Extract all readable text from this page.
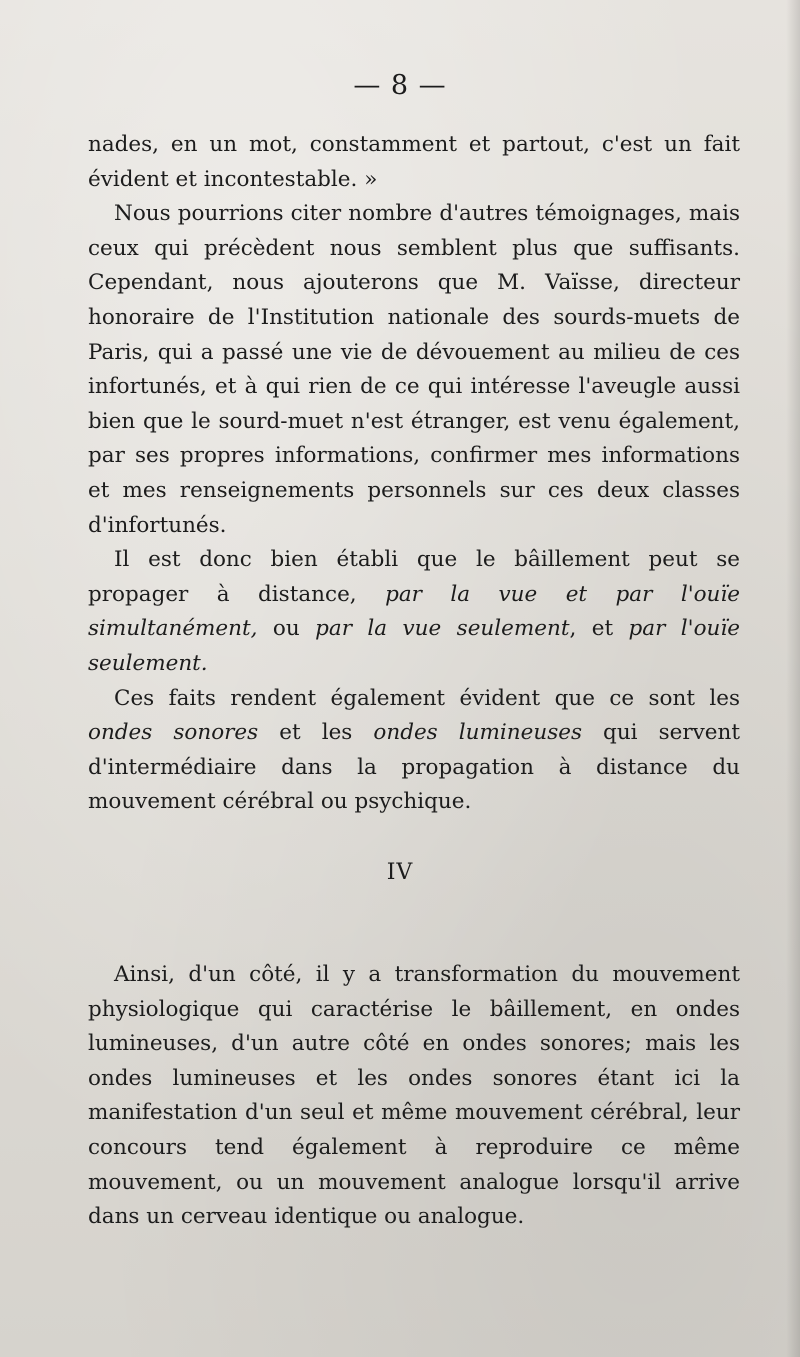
— 8 —

nades, en un mot, constamment et partout, c'est un fait évident et incontestable. »

Nous pourrions citer nombre d'autres témoignages, mais ceux qui précèdent nous semblent plus que suffisants. Cependant, nous ajouterons que M. Vaïsse, directeur honoraire de l'Institution nationale des sourds-muets de Paris, qui a passé une vie de dévouement au milieu de ces infortunés, et à qui rien de ce qui intéresse l'aveugle aussi bien que le sourd-muet n'est étranger, est venu également, par ses propres informations, confirmer mes informations et mes renseignements personnels sur ces deux classes d'infortunés.

Il est donc bien établi que le bâillement peut se propager à distance, par la vue et par l'ouïe simultanément, ou par la vue seulement, et par l'ouïe seulement.

Ces faits rendent également évident que ce sont les ondes sonores et les ondes lumineuses qui servent d'intermédiaire dans la propagation à distance du mouvement cérébral ou psychique.

IV

Ainsi, d'un côté, il y a transformation du mouvement physiologique qui caractérise le bâillement, en ondes lumineuses, d'un autre côté en ondes sonores; mais les ondes lumineuses et les ondes sonores étant ici la manifestation d'un seul et même mouvement cérébral, leur concours tend également à reproduire ce même mouvement, ou un mouvement analogue lorsqu'il arrive dans un cerveau identique ou analogue.
